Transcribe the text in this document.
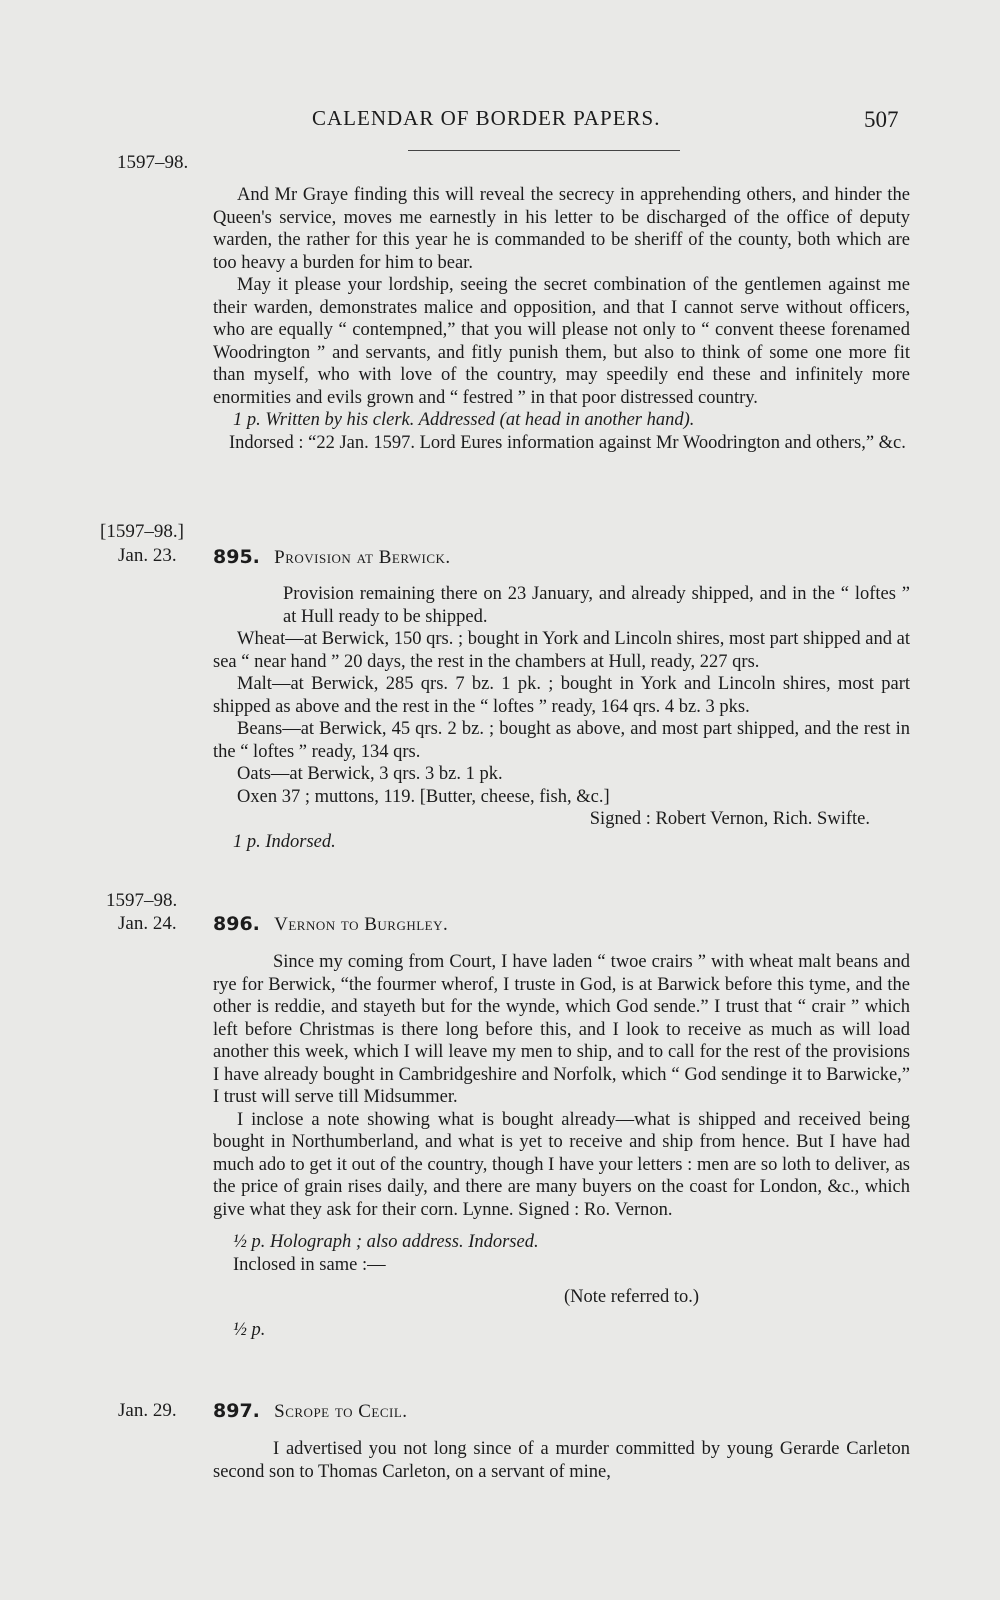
CALENDAR OF BORDER PAPERS.	507
1597–98.
[1597–98.]
Jan. 23.
1597–98.
Jan. 24.
Jan. 29.

And Mr Graye finding this will reveal the secrecy in apprehending others, and hinder the Queen's service, moves me earnestly in his letter to be discharged of the office of deputy warden, the rather for this year he is commanded to be sheriff of the county, both which are too heavy a burden for him to bear.

May it please your lordship, seeing the secret combination of the gentlemen against me their warden, demonstrates malice and opposition, and that I cannot serve without officers, who are equally “ contempned,” that you will please not only to “ convent theese forenamed Woodrington ” and servants, and fitly punish them, but also to think of some one more fit than myself, who with love of the country, may speedily end these and infinitely more enormities and evils grown and “ festred ” in that poor distressed country.

1 p. Written by his clerk. Addressed (at head in another hand).

Indorsed : “22 Jan. 1597. Lord Eures information against Mr Woodrington and others,” &c.

895. Provision at Berwick.

Provision remaining there on 23 January, and already shipped, and in the “ loftes ” at Hull ready to be shipped.

Wheat—at Berwick, 150 qrs. ; bought in York and Lincoln shires, most part shipped and at sea “ near hand ” 20 days, the rest in the chambers at Hull, ready, 227 qrs.

Malt—at Berwick, 285 qrs. 7 bz. 1 pk. ; bought in York and Lincoln shires, most part shipped as above and the rest in the “ loftes ” ready, 164 qrs. 4 bz. 3 pks.

Beans—at Berwick, 45 qrs. 2 bz. ; bought as above, and most part shipped, and the rest in the “ loftes ” ready, 134 qrs.

Oats—at Berwick, 3 qrs. 3 bz. 1 pk.

Oxen 37 ; muttons, 119. [Butter, cheese, fish, &c.]

Signed : Robert Vernon, Rich. Swifte.

1 p. Indorsed.

896. Vernon to Burghley.

Since my coming from Court, I have laden “ twoe crairs ” with wheat malt beans and rye for Berwick, “the fourmer wherof, I truste in God, is at Barwick before this tyme, and the other is reddie, and stayeth but for the wynde, which God sende.” I trust that “ crair ” which left before Christmas is there long before this, and I look to receive as much as will load another this week, which I will leave my men to ship, and to call for the rest of the provisions I have already bought in Cambridgeshire and Norfolk, which “ God sendinge it to Barwicke,” I trust will serve till Midsummer.

I inclose a note showing what is bought already—what is shipped and received being bought in Northumberland, and what is yet to receive and ship from hence. But I have had much ado to get it out of the country, though I have your letters : men are so loth to deliver, as the price of grain rises daily, and there are many buyers on the coast for London, &c., which give what they ask for their corn. Lynne. Signed : Ro. Vernon.

½ p. Holograph ; also address. Indorsed.

Inclosed in same :—

(Note referred to.)

½ p.

897. Scrope to Cecil.

I advertised you not long since of a murder committed by young Gerarde Carleton second son to Thomas Carleton, on a servant of mine,
